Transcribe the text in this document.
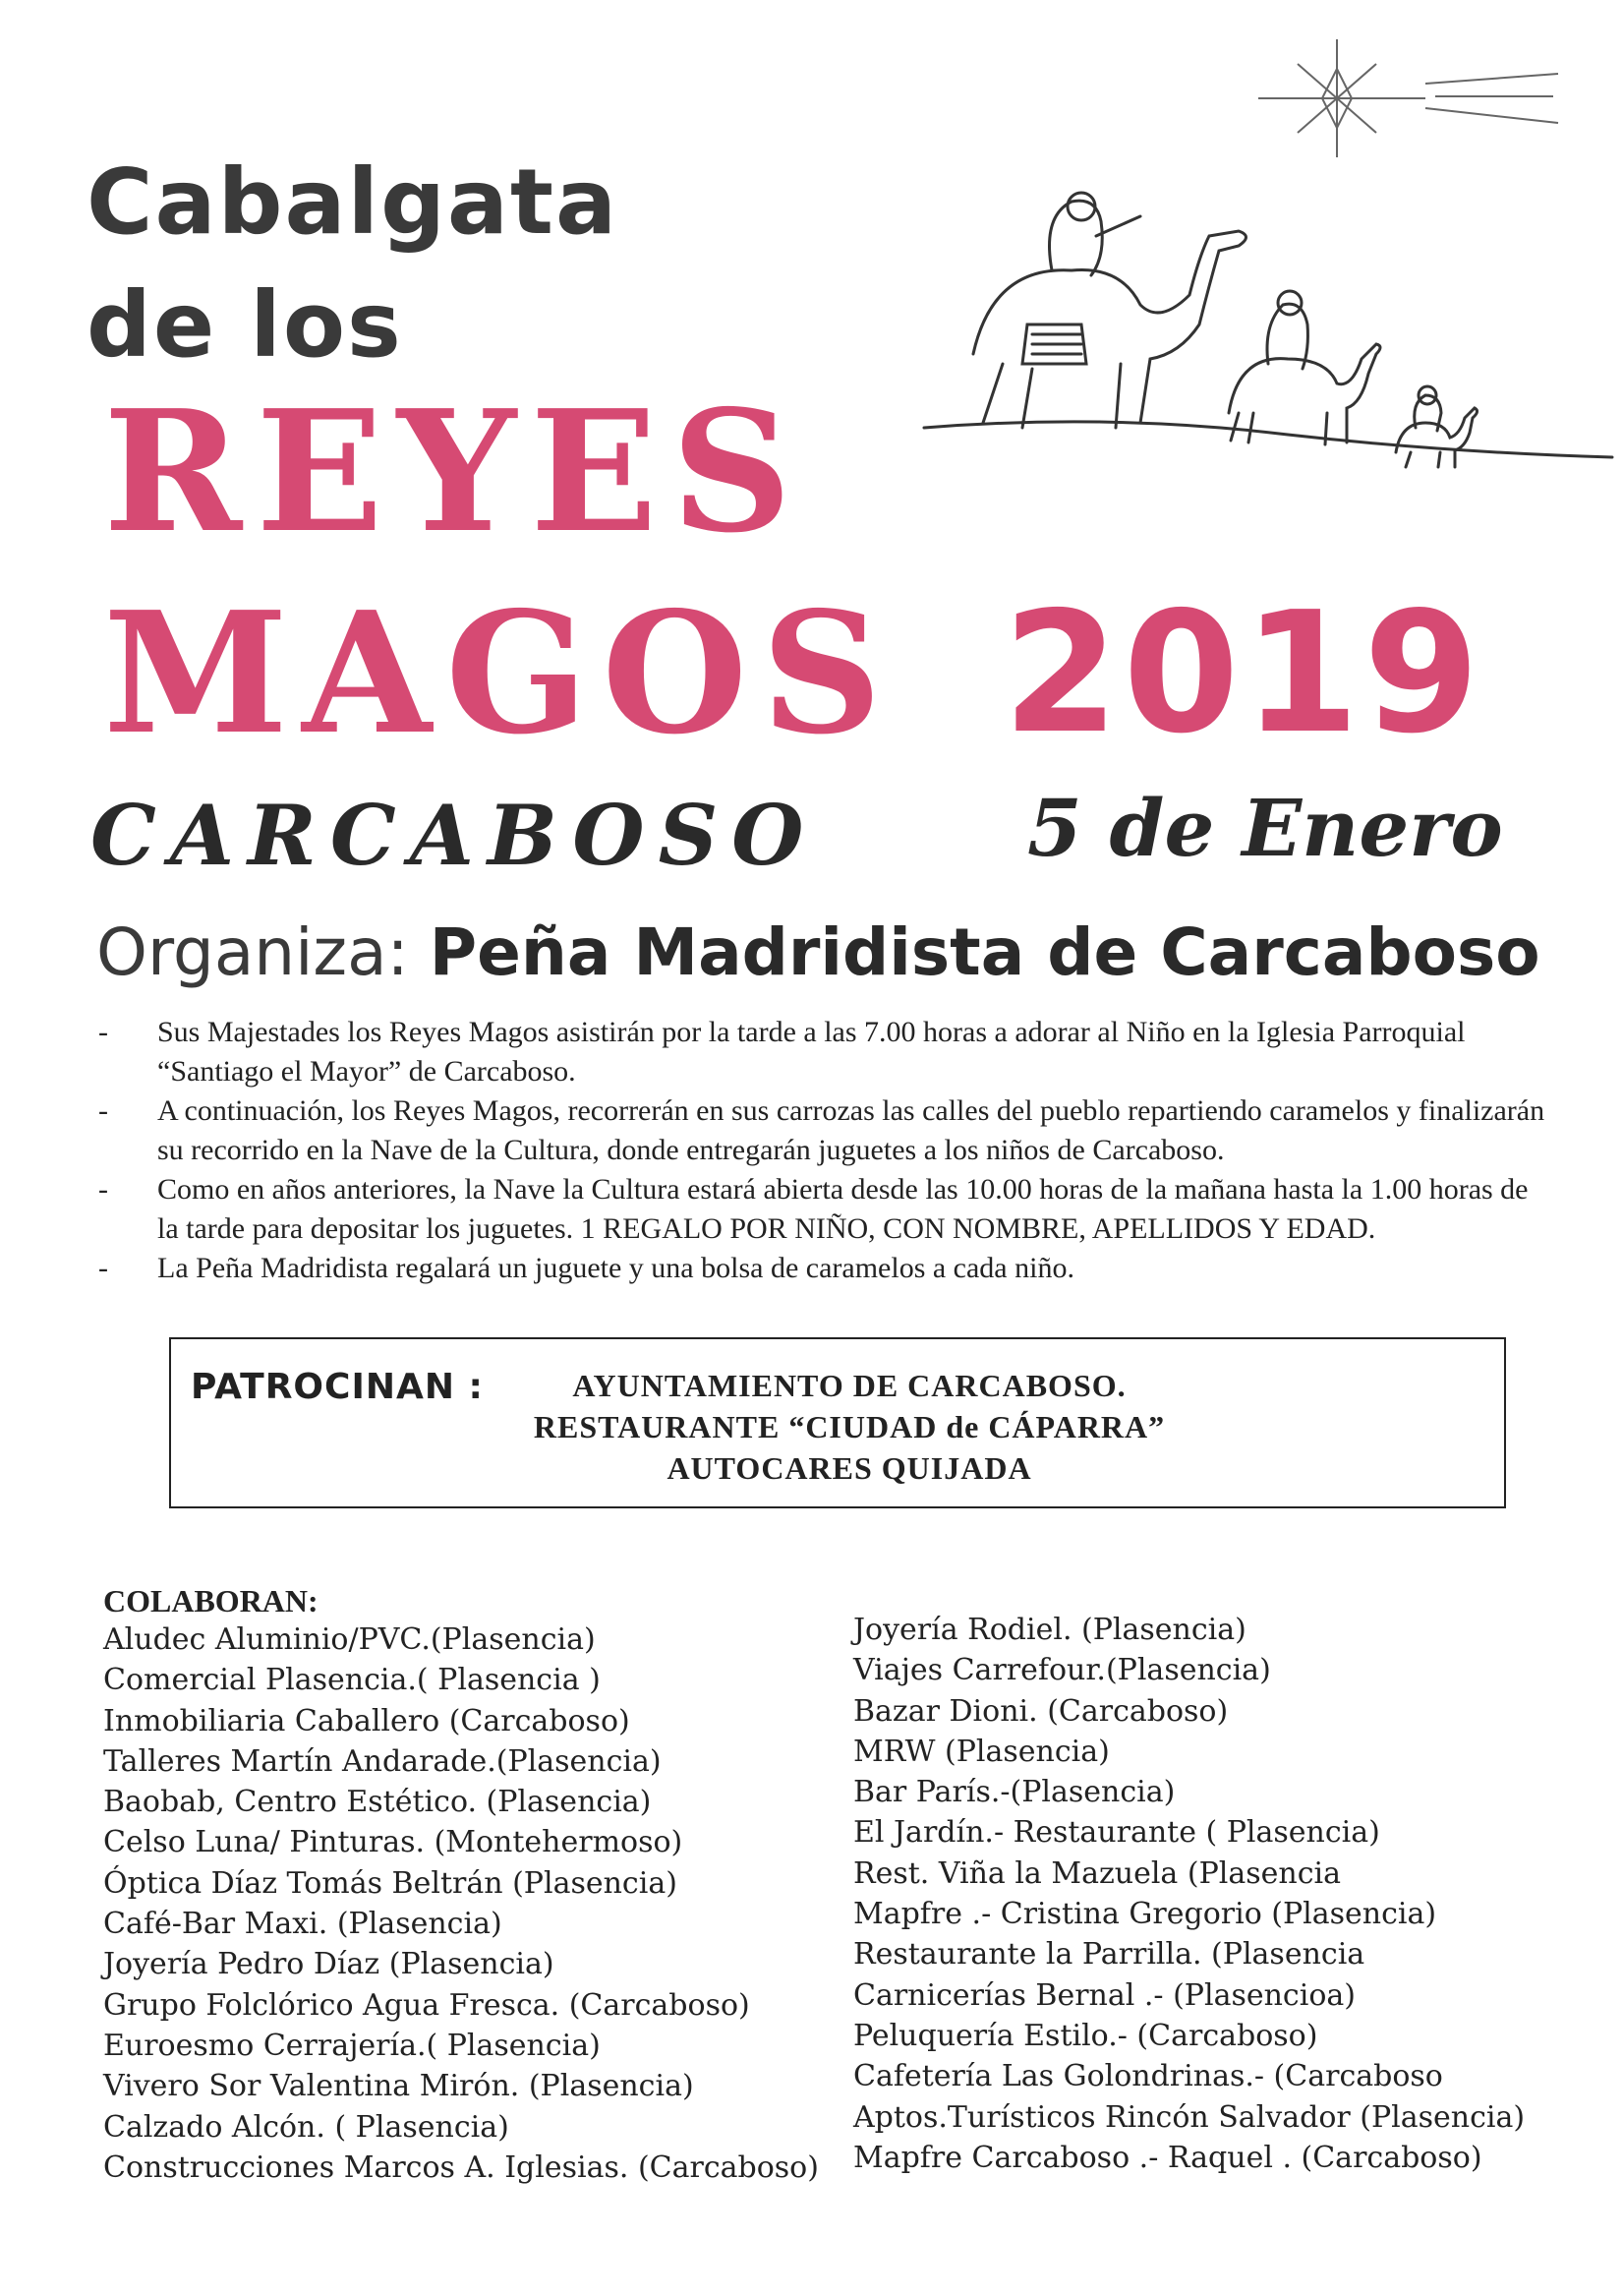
Cabalgata
de los
REYES
MAGOS 2019
CARCABOSO	5 de Enero
Organiza: Peña Madridista de Carcaboso
- Sus Majestades los Reyes Magos asistirán por la tarde a las 7.00 horas a adorar al Niño en la Iglesia Parroquial “Santiago el Mayor” de Carcaboso.
- A continuación, los Reyes Magos, recorrerán en sus carrozas las calles del pueblo repartiendo caramelos y finalizarán su recorrido en la Nave de la Cultura, donde entregarán juguetes a los niños de Carcaboso.
- Como en años anteriores, la Nave la Cultura estará abierta desde las 10.00 horas de la mañana hasta la 1.00 horas de la tarde para depositar los juguetes. 1 REGALO POR NIÑO, CON NOMBRE, APELLIDOS Y EDAD.
- La Peña Madridista regalará un juguete y una bolsa de caramelos a cada niño.
PATROCINAN :	AYUNTAMIENTO DE CARCABOSO.
RESTAURANTE “CIUDAD de CÁPARRA”
AUTOCARES QUIJADA
COLABORAN:
Aludec Aluminio/PVC.(Plasencia)
Comercial Plasencia.( Plasencia )
Inmobiliaria Caballero (Carcaboso)
Talleres Martín Andarade.(Plasencia)
Baobab, Centro Estético. (Plasencia)
Celso Luna/ Pinturas. (Montehermoso)
Óptica Díaz Tomás Beltrán (Plasencia)
Café-Bar Maxi. (Plasencia)
Joyería Pedro Díaz (Plasencia)
Grupo Folclórico Agua Fresca. (Carcaboso)
Euroesmo Cerrajería.( Plasencia)
Vivero Sor Valentina Mirón. (Plasencia)
Calzado Alcón. ( Plasencia)
Construcciones Marcos A. Iglesias. (Carcaboso)
Joyería Rodiel. (Plasencia)
Viajes Carrefour.(Plasencia)
Bazar Dioni. (Carcaboso)
MRW (Plasencia)
Bar París.-(Plasencia)
El Jardín.- Restaurante ( Plasencia)
Rest. Viña la Mazuela (Plasencia
Mapfre .- Cristina Gregorio (Plasencia)
Restaurante la Parrilla. (Plasencia
Carnicerías Bernal .- (Plasencioa)
Peluquería Estilo.- (Carcaboso)
Cafetería Las Golondrinas.- (Carcaboso
Aptos.Turísticos Rincón Salvador (Plasencia)
Mapfre Carcaboso .- Raquel . (Carcaboso)
